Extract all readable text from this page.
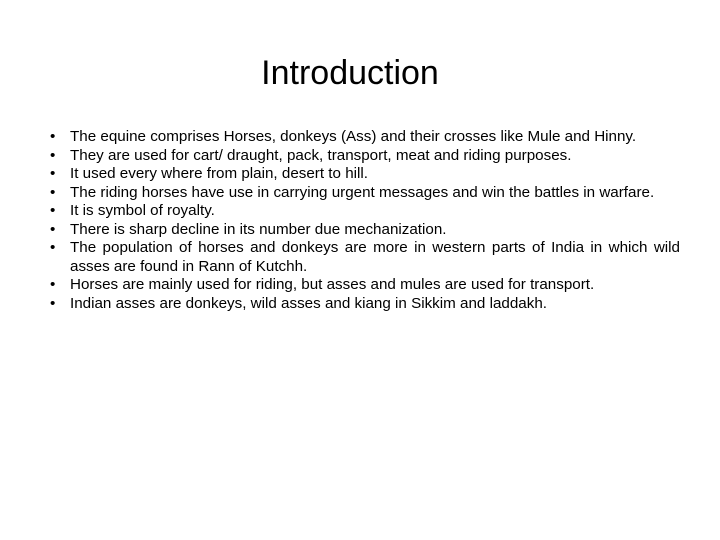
Introduction
• The equine comprises Horses, donkeys (Ass) and their crosses like Mule and Hinny.
• They are used for cart/ draught, pack, transport, meat and riding purposes.
• It used every where from plain, desert to hill.
• The riding horses have use in carrying urgent messages and win the battles in warfare.
• It is symbol of royalty.
• There is sharp decline in its number due mechanization.
• The population of horses and donkeys are more in western parts of India in which wild asses are found in Rann of Kutchh.
• Horses are mainly used for riding, but asses and mules are used for transport.
• Indian asses are donkeys, wild asses and kiang in Sikkim and laddakh.
